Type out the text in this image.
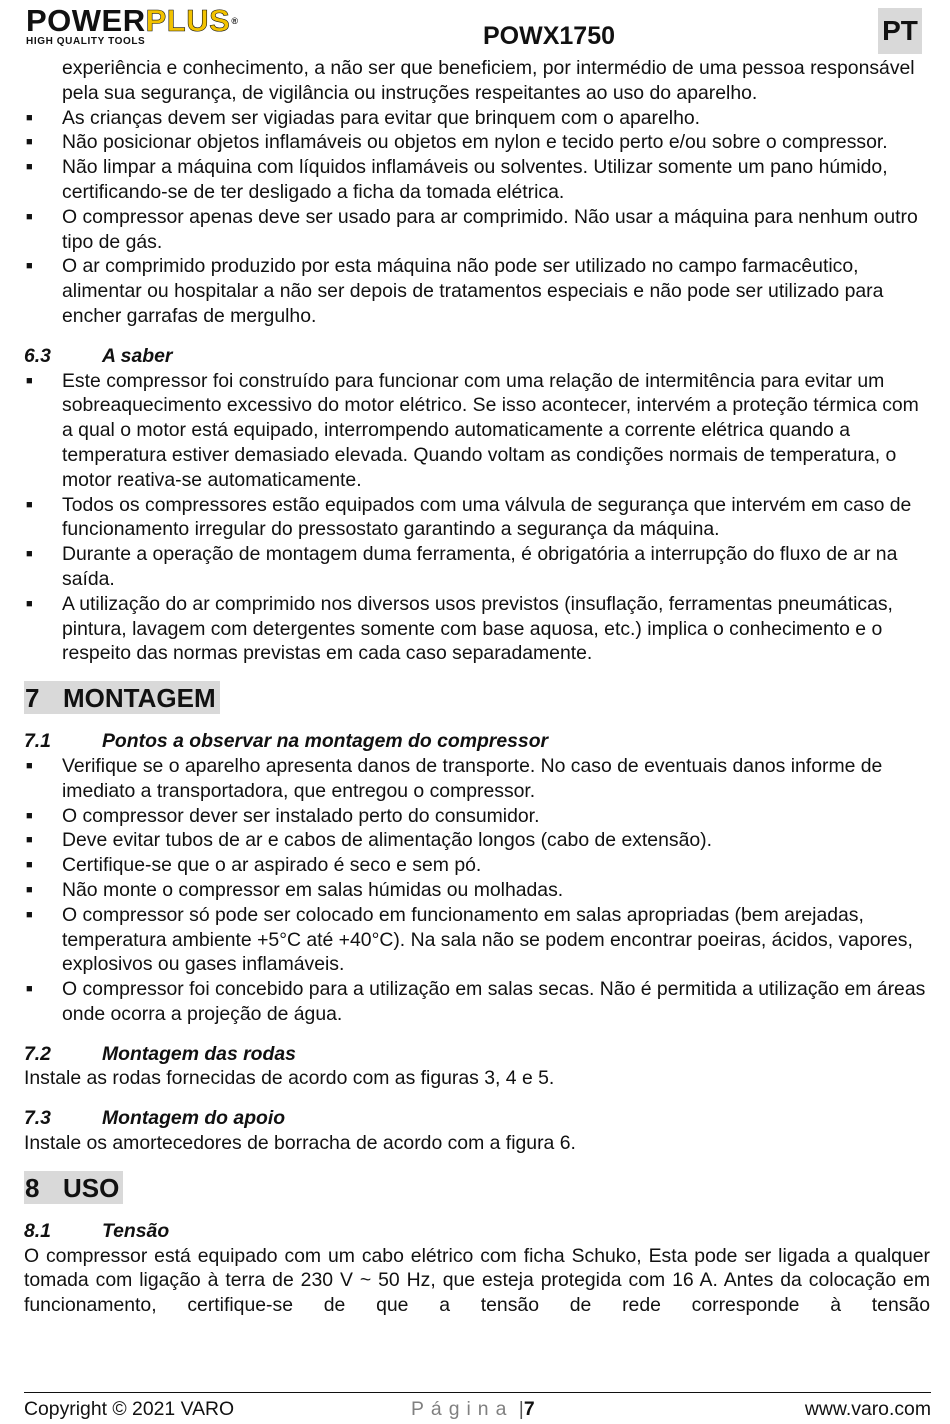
POWERPLUS®
HIGH QUALITY TOOLS	POWX1750	PT
experiência e conhecimento, a não ser que beneficiem, por intermédio de uma pessoa responsável pela sua segurança, de vigilância ou instruções respeitantes ao uso do aparelho.
■	As crianças devem ser vigiadas para evitar que brinquem com o aparelho.
■	Não posicionar objetos inflamáveis ou objetos em nylon e tecido perto e/ou sobre o compressor.
■	Não limpar a máquina com líquidos inflamáveis ou solventes. Utilizar somente um pano húmido, certificando-se de ter desligado a ficha da tomada elétrica.
■	O compressor apenas deve ser usado para ar comprimido. Não usar a máquina para nenhum outro tipo de gás.
■	O ar comprimido produzido por esta máquina não pode ser utilizado no campo farmacêutico, alimentar ou hospitalar a não ser depois de tratamentos especiais e não pode ser utilizado para encher garrafas de mergulho.
6.3	A saber
■	Este compressor foi construído para funcionar com uma relação de intermitência para evitar um sobreaquecimento excessivo do motor elétrico. Se isso acontecer, intervém a proteção térmica com a qual o motor está equipado, interrompendo automaticamente a corrente elétrica quando a temperatura estiver demasiado elevada. Quando voltam as condições normais de temperatura, o motor reativa-se automaticamente.
■	Todos os compressores estão equipados com uma válvula de segurança que intervém em caso de funcionamento irregular do pressostato garantindo a segurança da máquina.
■	Durante a operação de montagem duma ferramenta, é obrigatória a interrupção do fluxo de ar na saída.
■	A utilização do ar comprimido nos diversos usos previstos (insuflação, ferramentas pneumáticas, pintura, lavagem com detergentes somente com base aquosa, etc.) implica o conhecimento e o respeito das normas previstas em cada caso separadamente.
7 MONTAGEM
7.1	Pontos a observar na montagem do compressor
■	Verifique se o aparelho apresenta danos de transporte. No caso de eventuais danos informe de imediato a transportadora, que entregou o compressor.
■	O compressor dever ser instalado perto do consumidor.
■	Deve evitar tubos de ar e cabos de alimentação longos (cabo de extensão).
■	Certifique-se que o ar aspirado é seco e sem pó.
■	Não monte o compressor em salas húmidas ou molhadas.
■	O compressor só pode ser colocado em funcionamento em salas apropriadas (bem arejadas, temperatura ambiente +5°C até +40°C). Na sala não se podem encontrar poeiras, ácidos, vapores, explosivos ou gases inflamáveis.
■	O compressor foi concebido para a utilização em salas secas. Não é permitida a utilização em áreas onde ocorra a projeção de água.
7.2	Montagem das rodas

Instale as rodas fornecidas de acordo com as figuras 3, 4 e 5.

7.3	Montagem do apoio

Instale os amortecedores de borracha de acordo com a figura 6.

8 USO
8.1	Tensão

O compressor está equipado com um cabo elétrico com ficha Schuko, Esta pode ser ligada a qualquer tomada com ligação à terra de 230 V ~ 50 Hz, que esteja protegida com 16 A. Antes da colocação em funcionamento, certifique-se de que a tensão de rede corresponde à tensão

Copyright © 2021 VARO	Página |7	www.varo.com
